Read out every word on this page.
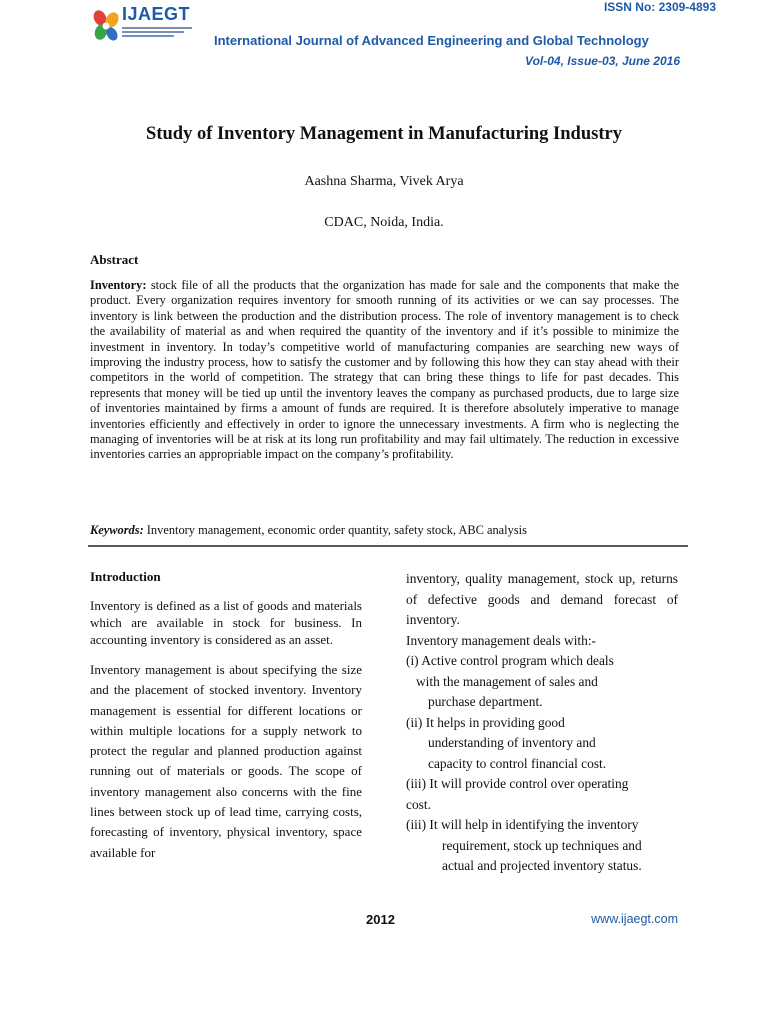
IJAEGT	ISSN No: 2309-4893
International Journal of Advanced Engineering and Global Technology
Vol-04, Issue-03, June 2016
Study of Inventory Management in Manufacturing Industry
Aashna Sharma, Vivek Arya
CDAC, Noida, India.
Abstract
Inventory: stock file of all the products that the organization has made for sale and the components that make the product. Every organization requires inventory for smooth running of its activities or we can say processes. The inventory is link between the production and the distribution process. The role of inventory management is to check the availability of material as and when required the quantity of the inventory and if it’s possible to minimize the investment in inventory. In today’s competitive world of manufacturing companies are searching new ways of improving the industry process, how to satisfy the customer and by following this how they can stay ahead with their competitors in the world of competition. The strategy that can bring these things to life for past decades. This represents that money will be tied up until the inventory leaves the company as purchased products, due to large size of inventories maintained by firms a amount of funds are required. It is therefore absolutely imperative to manage inventories efficiently and effectively in order to ignore the unnecessary investments. A firm who is neglecting the managing of inventories will be at risk at its long run profitability and may fail ultimately. The reduction in excessive inventories carries an appropriable impact on the company’s profitability.
Keywords: Inventory management, economic order quantity, safety stock, ABC analysis
Introduction

Inventory is defined as a list of goods and materials which are available in stock for business. In accounting inventory is considered as an asset.

Inventory management is about specifying the size and the placement of stocked inventory. Inventory management is essential for different locations or within multiple locations for a supply network to protect the regular and planned production against running out of materials or goods. The scope of inventory management also concerns with the fine lines between stock up of lead time, carrying costs, forecasting of inventory, physical inventory, space available for

inventory, quality management, stock up, returns of defective goods and demand forecast of inventory.

Inventory management deals with:-

(i) Active control program which deals

with the management of sales and

purchase department.

(ii) It helps in providing good

understanding of inventory and

capacity to control financial cost.

(iii) It will provide control over operating

cost.

(iii) It will help in identifying the inventory

requirement, stock up techniques and

actual and projected inventory status.

2012	www.ijaegt.com
